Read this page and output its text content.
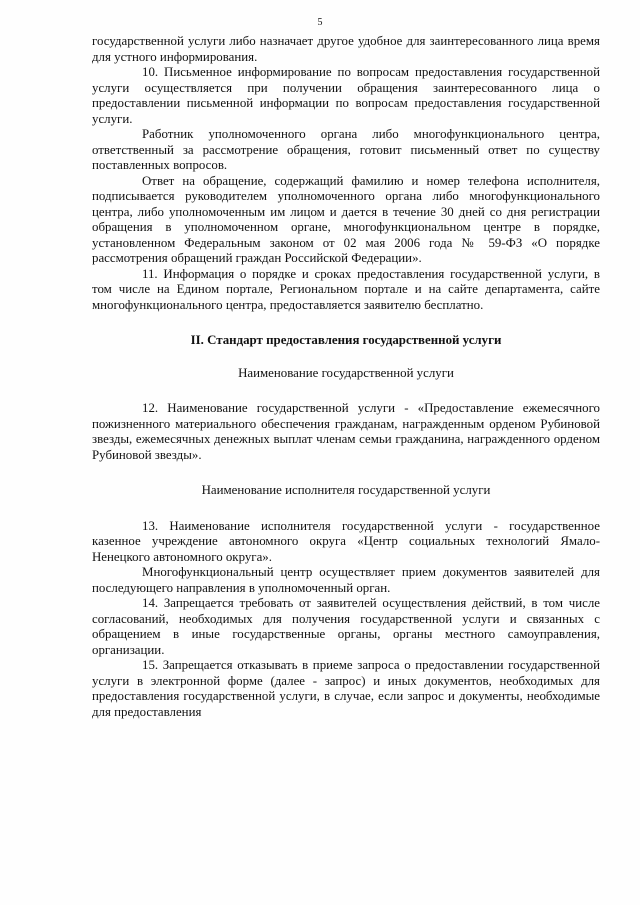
5

государственной услуги либо назначает другое удобное для заинтересованного лица время для устного информирования.

10. Письменное информирование по вопросам предоставления государственной услуги осуществляется при получении обращения заинтересованного лица о предоставлении письменной информации по вопросам предоставления государственной услуги.

Работник уполномоченного органа либо многофункционального центра, ответственный за рассмотрение обращения, готовит письменный ответ по существу поставленных вопросов.

Ответ на обращение, содержащий фамилию и номер телефона исполнителя, подписывается руководителем уполномоченного органа либо многофункционального центра, либо уполномоченным им лицом и дается в течение 30 дней со дня регистрации обращения в уполномоченном органе, многофункциональном центре в порядке, установленном Федеральным законом от 02 мая 2006 года № 59-ФЗ «О порядке рассмотрения обращений граждан Российской Федерации».

11. Информация о порядке и сроках предоставления государственной услуги, в том числе на Едином портале, Региональном портале и на сайте департамента, сайте многофункционального центра, предоставляется заявителю бесплатно.

II. Стандарт предоставления государственной услуги

Наименование государственной услуги

12. Наименование государственной услуги - «Предоставление ежемесячного пожизненного материального обеспечения гражданам, награжденным орденом Рубиновой звезды, ежемесячных денежных выплат членам семьи гражданина, награжденного орденом Рубиновой звезды».

Наименование исполнителя государственной услуги

13. Наименование исполнителя государственной услуги - государственное казенное учреждение автономного округа «Центр социальных технологий Ямало-Ненецкого автономного округа».

Многофункциональный центр осуществляет прием документов заявителей для последующего направления в уполномоченный орган.

14. Запрещается требовать от заявителей осуществления действий, в том числе согласований, необходимых для получения государственной услуги и связанных с обращением в иные государственные органы, органы местного самоуправления, организации.

15. Запрещается отказывать в приеме запроса о предоставлении государственной услуги в электронной форме (далее - запрос) и иных документов, необходимых для предоставления государственной услуги, в случае, если запрос и документы, необходимые для предоставления
